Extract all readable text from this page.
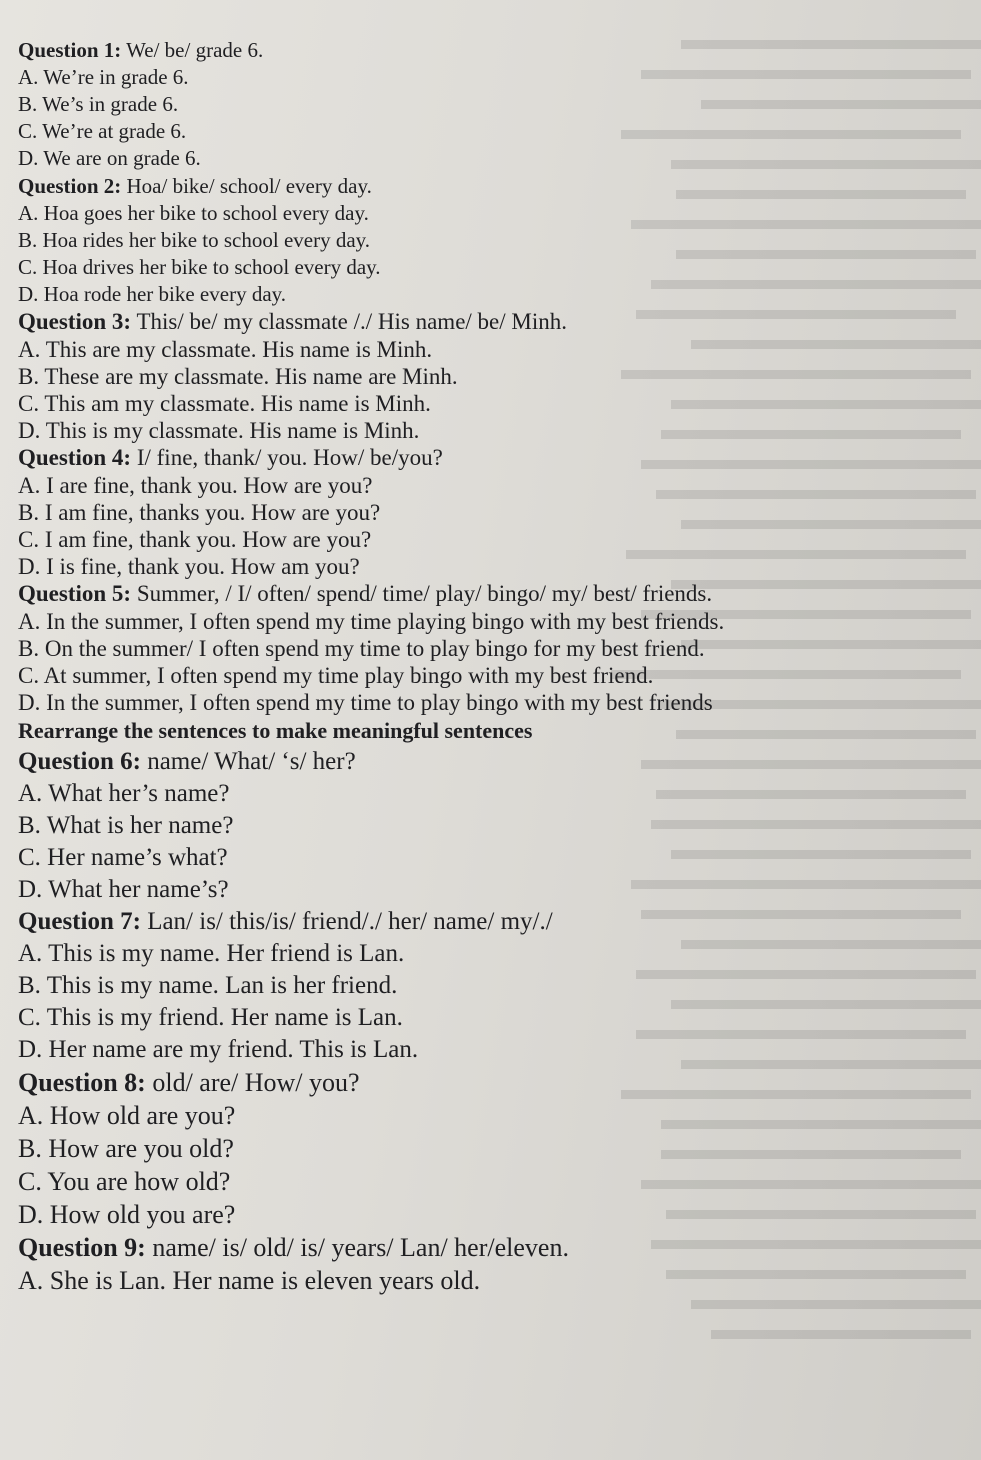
Question 1: We/ be/ grade 6.

A. We’re in grade 6.

B. We’s in grade 6.

C. We’re at grade 6.

D. We are on grade 6.

Question 2: Hoa/ bike/ school/ every day.

A. Hoa goes her bike to school every day.

B. Hoa rides her bike to school every day.

C. Hoa drives her bike to school every day.

D. Hoa rode her bike every day.

Question 3: This/ be/ my classmate /./ His name/ be/ Minh.

A. This are my classmate. His name is Minh.

B. These are my classmate. His name are Minh.

C. This am my classmate. His name is Minh.

D. This is my classmate. His name is Minh.

Question 4: I/ fine, thank/ you. How/ be/you?

A. I are fine, thank you. How are you?

B. I am fine, thanks you. How are you?

C. I am fine, thank you. How are you?

D. I is fine, thank you. How am you?

Question 5: Summer, / I/ often/ spend/ time/ play/ bingo/ my/ best/ friends.

A. In the summer, I often spend my time playing bingo with my best friends.

B. On the summer/ I often spend my time to play bingo for my best friend.

C. At summer, I often spend my time play bingo with my best friend.

D. In the summer, I often spend my time to play bingo with my best friends

Rearrange the sentences to make meaningful sentences

Question 6: name/ What/ ‘s/ her?

A. What her’s name?

B. What is her name?

C. Her name’s what?

D. What her name’s?

Question 7: Lan/ is/ this/is/ friend/./ her/ name/ my/./

A. This is my name. Her friend is Lan.

B. This is my name. Lan is her friend.

C. This is my friend. Her name is Lan.

D. Her name are my friend. This is Lan.

Question 8: old/ are/ How/ you?

A. How old are you?

B. How are you old?

C. You are how old?

D. How old you are?

Question 9: name/ is/ old/ is/ years/ Lan/ her/eleven.

A. She is Lan. Her name is eleven years old.
